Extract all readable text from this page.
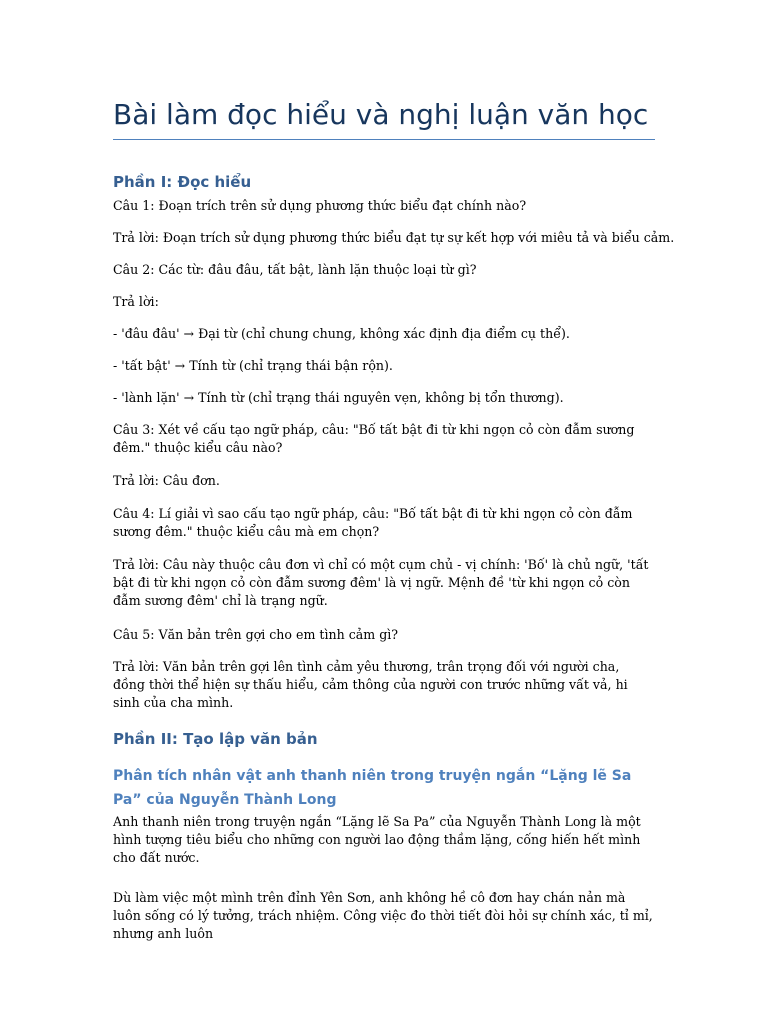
Bài làm đọc hiểu và nghị luận văn học
Phần I: Đọc hiểu

Câu 1: Đoạn trích trên sử dụng phương thức biểu đạt chính nào?

Trả lời: Đoạn trích sử dụng phương thức biểu đạt tự sự kết hợp với miêu tả và biểu cảm.

Câu 2: Các từ: đâu đâu, tất bật, lành lặn thuộc loại từ gì?

Trả lời:

- 'đâu đâu' → Đại từ (chỉ chung chung, không xác định địa điểm cụ thể).

- 'tất bật' → Tính từ (chỉ trạng thái bận rộn).

- 'lành lặn' → Tính từ (chỉ trạng thái nguyên vẹn, không bị tổn thương).

Câu 3: Xét về cấu tạo ngữ pháp, câu: "Bố tất bật đi từ khi ngọn cỏ còn đẫm sương đêm." thuộc kiểu câu nào?

Trả lời: Câu đơn.

Câu 4: Lí giải vì sao cấu tạo ngữ pháp, câu: "Bố tất bật đi từ khi ngọn cỏ còn đẫm sương đêm." thuộc kiểu câu mà em chọn?

Trả lời: Câu này thuộc câu đơn vì chỉ có một cụm chủ - vị chính: 'Bố' là chủ ngữ, 'tất bật đi từ khi ngọn cỏ còn đẫm sương đêm' là vị ngữ. Mệnh đề 'từ khi ngọn cỏ còn đẫm sương đêm' chỉ là trạng ngữ.

Câu 5: Văn bản trên gợi cho em tình cảm gì?

Trả lời: Văn bản trên gợi lên tình cảm yêu thương, trân trọng đối với người cha, đồng thời thể hiện sự thấu hiểu, cảm thông của người con trước những vất vả, hi sinh của cha mình.

Phần II: Tạo lập văn bản
Phân tích nhân vật anh thanh niên trong truyện ngắn “Lặng lẽ Sa Pa” của Nguyễn Thành Long

Anh thanh niên trong truyện ngắn “Lặng lẽ Sa Pa” của Nguyễn Thành Long là một hình tượng tiêu biểu cho những con người lao động thầm lặng, cống hiến hết mình cho đất nước.

Dù làm việc một mình trên đỉnh Yên Sơn, anh không hề cô đơn hay chán nản mà luôn sống có lý tưởng, trách nhiệm. Công việc đo thời tiết đòi hỏi sự chính xác, tỉ mỉ, nhưng anh luôn
